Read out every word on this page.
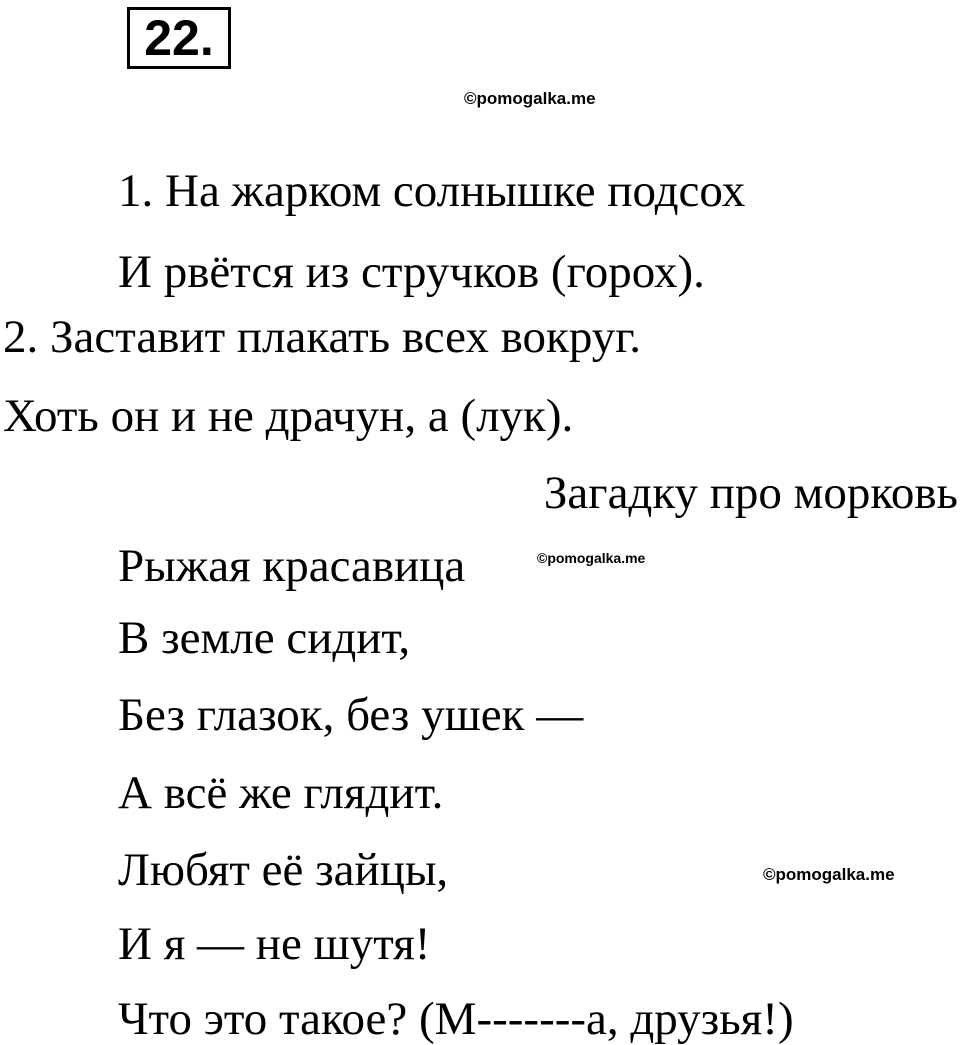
22.
©pomogalka.me
©pomogalka.me
©pomogalka.me
1. На жарком солнышке подсох
И рвётся из стручков (горох).
2. Заставит плакать всех вокруг.
Хоть он и не драчун, а (лук).
Загадку про морковь
Рыжая красавица
В земле сидит,
Без глазок, без ушек —
А всё же глядит.
Любят её зайцы,
И я — не шутя!
Что это такое? (М-------а, друзья!)
